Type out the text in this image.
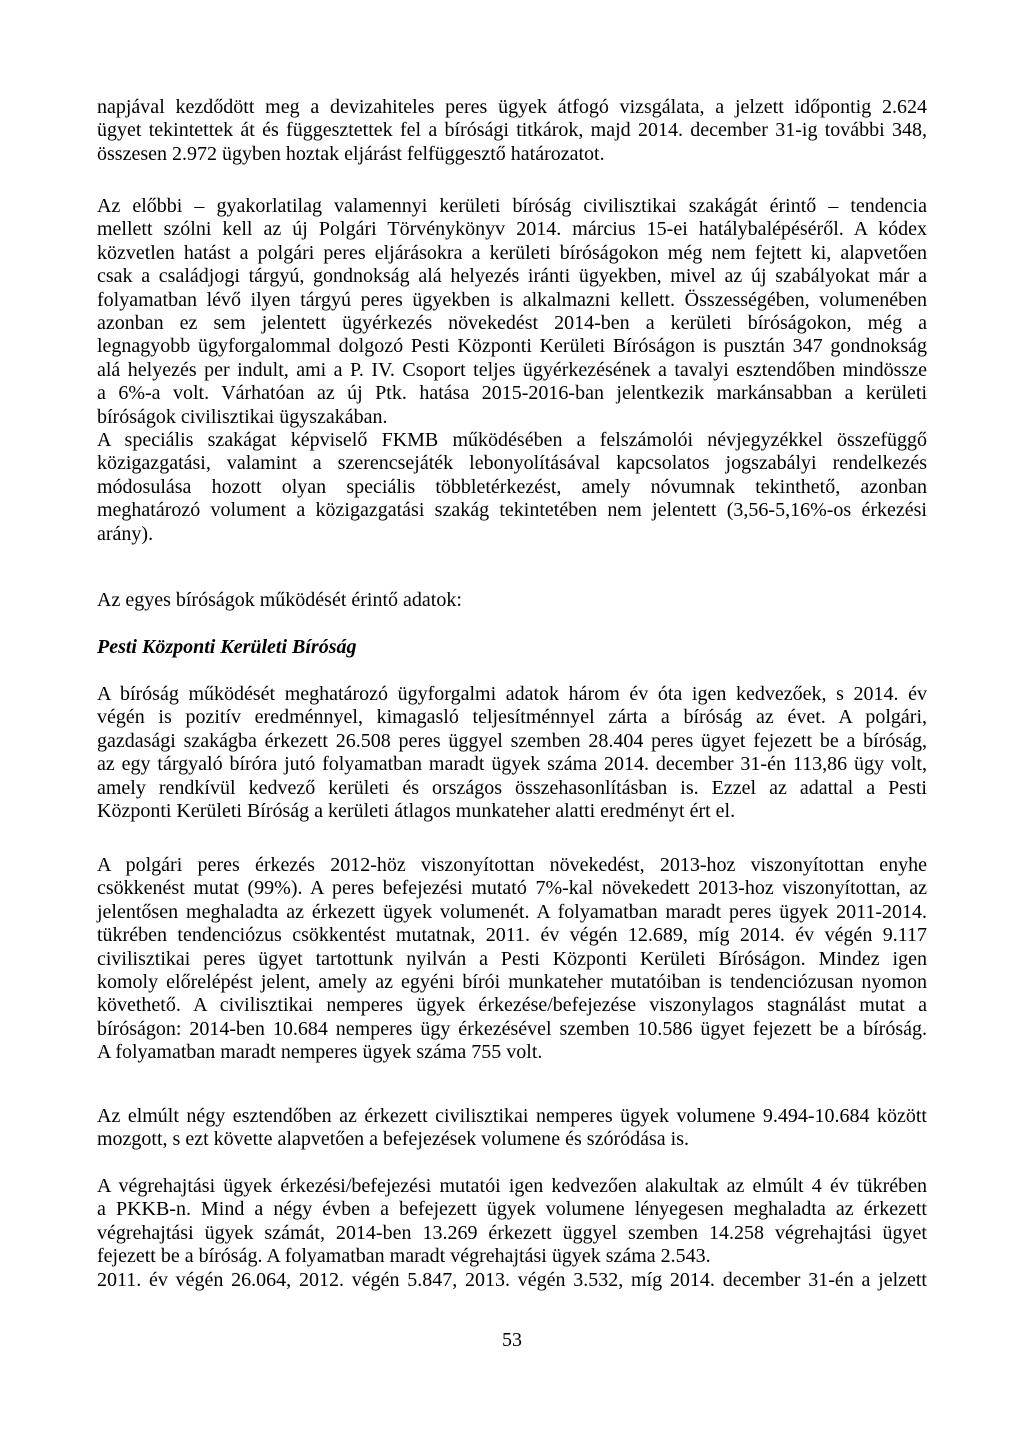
napjával kezdődött meg a devizahiteles peres ügyek átfogó vizsgálata, a jelzett időpontig 2.624
ügyet tekintettek át és függesztettek fel a bírósági titkárok, majd 2014. december 31-ig további 348,
összesen 2.972 ügyben hoztak eljárást felfüggesztő határozatot.
Az előbbi – gyakorlatilag valamennyi kerületi bíróság civilisztikai szakágát érintő – tendencia
mellett szólni kell az új Polgári Törvénykönyv 2014. március 15-ei hatálybalépéséről. A kódex
közvetlen hatást a polgári peres eljárásokra a kerületi bíróságokon még nem fejtett ki, alapvetően
csak a családjogi tárgyú, gondnokság alá helyezés iránti ügyekben, mivel az új szabályokat már a
folyamatban lévő ilyen tárgyú peres ügyekben is alkalmazni kellett. Összességében, volumenében
azonban ez sem jelentett ügyérkezés növekedést 2014-ben a kerületi bíróságokon, még a
legnagyobb ügyforgalommal dolgozó Pesti Központi Kerületi Bíróságon is pusztán 347 gondnokság
alá helyezés per indult, ami a P. IV. Csoport teljes ügyérkezésének a tavalyi esztendőben mindössze
a 6%-a volt. Várhatóan az új Ptk. hatása 2015-2016-ban jelentkezik markánsabban a kerületi
bíróságok civilisztikai ügyszakában.
A speciális szakágat képviselő FKMB működésében a felszámolói névjegyzékkel összefüggő
közigazgatási, valamint a szerencsejáték lebonyolításával kapcsolatos jogszabályi rendelkezés
módosulása hozott olyan speciális többletérkezést, amely nóvumnak tekinthető, azonban
meghatározó volument a közigazgatási szakág tekintetében nem jelentett (3,56-5,16%-os érkezési
arány).
Az egyes bíróságok működését érintő adatok:
Pesti Központi Kerületi Bíróság
A bíróság működését meghatározó ügyforgalmi adatok három év óta igen kedvezőek, s 2014. év
végén is pozitív eredménnyel, kimagasló teljesítménnyel zárta a bíróság az évet. A polgári,
gazdasági szakágba érkezett 26.508 peres üggyel szemben 28.404 peres ügyet fejezett be a bíróság,
az egy tárgyaló bíróra jutó folyamatban maradt ügyek száma 2014. december 31-én 113,86 ügy volt,
amely rendkívül kedvező kerületi és országos összehasonlításban is. Ezzel az adattal a Pesti
Központi Kerületi Bíróság a kerületi átlagos munkateher alatti eredményt ért el.
A polgári peres érkezés 2012-höz viszonyítottan növekedést, 2013-hoz viszonyítottan enyhe
csökkenést mutat (99%). A peres befejezési mutató 7%-kal növekedett 2013-hoz viszonyítottan, az
jelentősen meghaladta az érkezett ügyek volumenét. A folyamatban maradt peres ügyek 2011-2014.
tükrében tendenciózus csökkentést mutatnak, 2011. év végén 12.689, míg 2014. év végén 9.117
civilisztikai peres ügyet tartottunk nyilván a Pesti Központi Kerületi Bíróságon. Mindez igen
komoly előrelépést jelent, amely az egyéni bírói munkateher mutatóiban is tendenciózusan nyomon
követhető. A civilisztikai nemperes ügyek érkezése/befejezése viszonylagos stagnálást mutat a
bíróságon: 2014-ben 10.684 nemperes ügy érkezésével szemben 10.586 ügyet fejezett be a bíróság.
A folyamatban maradt nemperes ügyek száma 755 volt.
Az elmúlt négy esztendőben az érkezett civilisztikai nemperes ügyek volumene 9.494-10.684 között
mozgott, s ezt követte alapvetően a befejezések volumene és szóródása is.
A végrehajtási ügyek érkezési/befejezési mutatói igen kedvezően alakultak az elmúlt 4 év tükrében
a PKKB-n. Mind a négy évben a befejezett ügyek volumene lényegesen meghaladta az érkezett
végrehajtási ügyek számát, 2014-ben 13.269 érkezett üggyel szemben 14.258 végrehajtási ügyet
fejezett be a bíróság. A folyamatban maradt végrehajtási ügyek száma 2.543.
2011. év végén 26.064, 2012. végén 5.847, 2013. végén 3.532, míg 2014. december 31-én a jelzett
53
